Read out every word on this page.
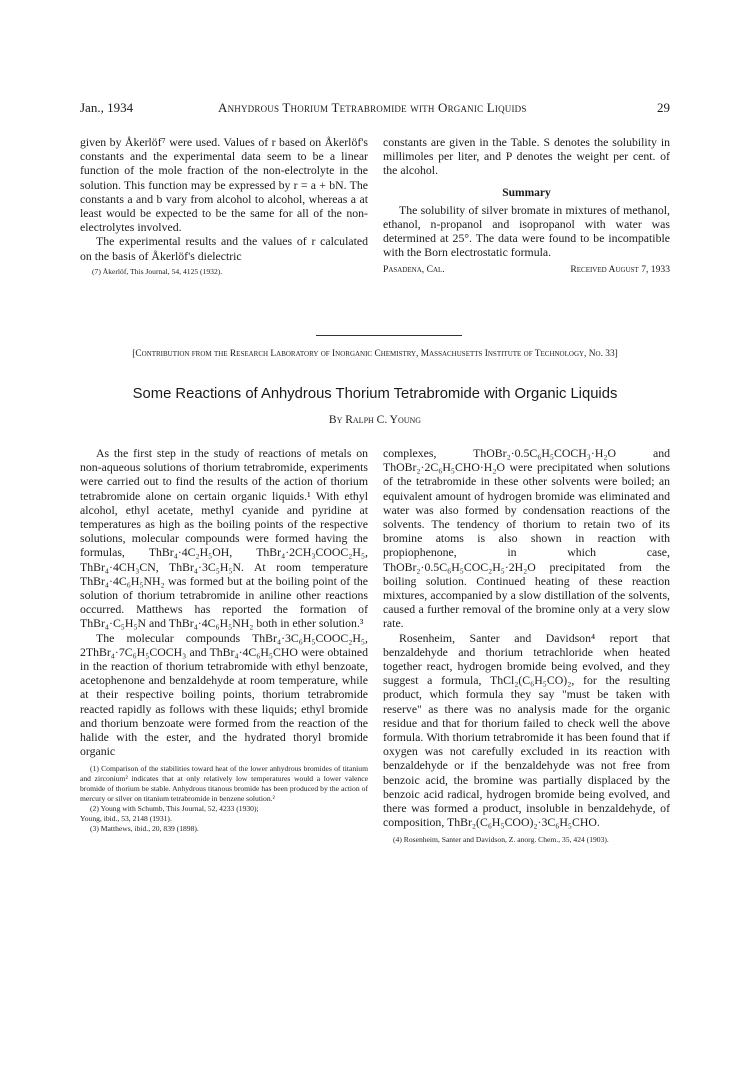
Jan., 1934	Anhydrous Thorium Tetrabromide with Organic Liquids	29

given by Åkerlöf⁷ were used. Values of r based on Åkerlöf's constants and the experimental data seem to be a linear function of the mole fraction of the non-electrolyte in the solution. This function may be expressed by r = a + bN. The constants a and b vary from alcohol to alcohol, whereas a at least would be expected to be the same for all of the non-electrolytes involved.

The experimental results and the values of r calculated on the basis of Åkerlöf's dielectric

(7) Åkerlöf, This Journal, 54, 4125 (1932).

constants are given in the Table. S denotes the solubility in millimoles per liter, and P denotes the weight per cent. of the alcohol.

Summary

The solubility of silver bromate in mixtures of methanol, ethanol, n-propanol and isopropanol with water was determined at 25°. The data were found to be incompatible with the Born electrostatic formula.

Pasadena, Cal.	Received August 7, 1933
[Contribution from the Research Laboratory of Inorganic Chemistry, Massachusetts Institute of Technology, No. 33]
Some Reactions of Anhydrous Thorium Tetrabromide with Organic Liquids
By Ralph C. Young

As the first step in the study of reactions of metals on non-aqueous solutions of thorium tetrabromide, experiments were carried out to find the results of the action of thorium tetrabromide alone on certain organic liquids.¹ With ethyl alcohol, ethyl acetate, methyl cyanide and pyridine at temperatures as high as the boiling points of the respective solutions, molecular compounds were formed having the formulas, ThBr₄·4C₂H₅OH, ThBr₄·2CH₃COOC₂H₅, ThBr₄·4CH₃CN, ThBr₄·3C₅H₅N. At room temperature ThBr₄·4C₆H₅NH₂ was formed but at the boiling point of the solution of thorium tetrabromide in aniline other reactions occurred. Matthews has reported the formation of ThBr₄·C₅H₅N and ThBr₄·4C₆H₅NH₂ both in ether solution.³

The molecular compounds ThBr₄·3C₆H₅COOC₂H₅, 2ThBr₄·7C₆H₅COCH₃ and ThBr₄·4C₆H₅CHO were obtained in the reaction of thorium tetrabromide with ethyl benzoate, acetophenone and benzaldehyde at room temperature, while at their respective boiling points, thorium tetrabromide reacted rapidly as follows with these liquids; ethyl bromide and thorium benzoate were formed from the reaction of the halide with the ester, and the hydrated thoryl bromide organic

(1) Comparison of the stabilities toward heat of the lower anhydrous bromides of titanium and zirconium² indicates that at only relatively low temperatures would a lower valence bromide of thorium be stable. Anhydrous titanous bromide has been produced by the action of mercury or silver on titanium tetrabromide in benzene solution.²

(2) Young with Schumb, This Journal, 52, 4233 (1930);

Young, ibid., 53, 2148 (1931).

(3) Matthews, ibid., 20, 839 (1898).

complexes, ThOBr₂·0.5C₆H₅COCH₃·H₂O and ThOBr₂·2C₆H₅CHO·H₂O were precipitated when solutions of the tetrabromide in these other solvents were boiled; an equivalent amount of hydrogen bromide was eliminated and water was also formed by condensation reactions of the solvents. The tendency of thorium to retain two of its bromine atoms is also shown in reaction with propiophenone, in which case, ThOBr₂·0.5C₆H₅COC₂H₅·2H₂O precipitated from the boiling solution. Continued heating of these reaction mixtures, accompanied by a slow distillation of the solvents, caused a further removal of the bromine only at a very slow rate.

Rosenheim, Santer and Davidson⁴ report that benzaldehyde and thorium tetrachloride when heated together react, hydrogen bromide being evolved, and they suggest a formula, ThCl₂(C₆H₅CO)₂, for the resulting product, which formula they say "must be taken with reserve" as there was no analysis made for the organic residue and that for thorium failed to check well the above formula. With thorium tetrabromide it has been found that if oxygen was not carefully excluded in its reaction with benzaldehyde or if the benzaldehyde was not free from benzoic acid, the bromine was partially displaced by the benzoic acid radical, hydrogen bromide being evolved, and there was formed a product, insoluble in benzaldehyde, of composition, ThBr₂(C₆H₅COO)₂·3C₆H₅CHO.

(4) Rosenheim, Santer and Davidson, Z. anorg. Chem., 35, 424 (1903).
